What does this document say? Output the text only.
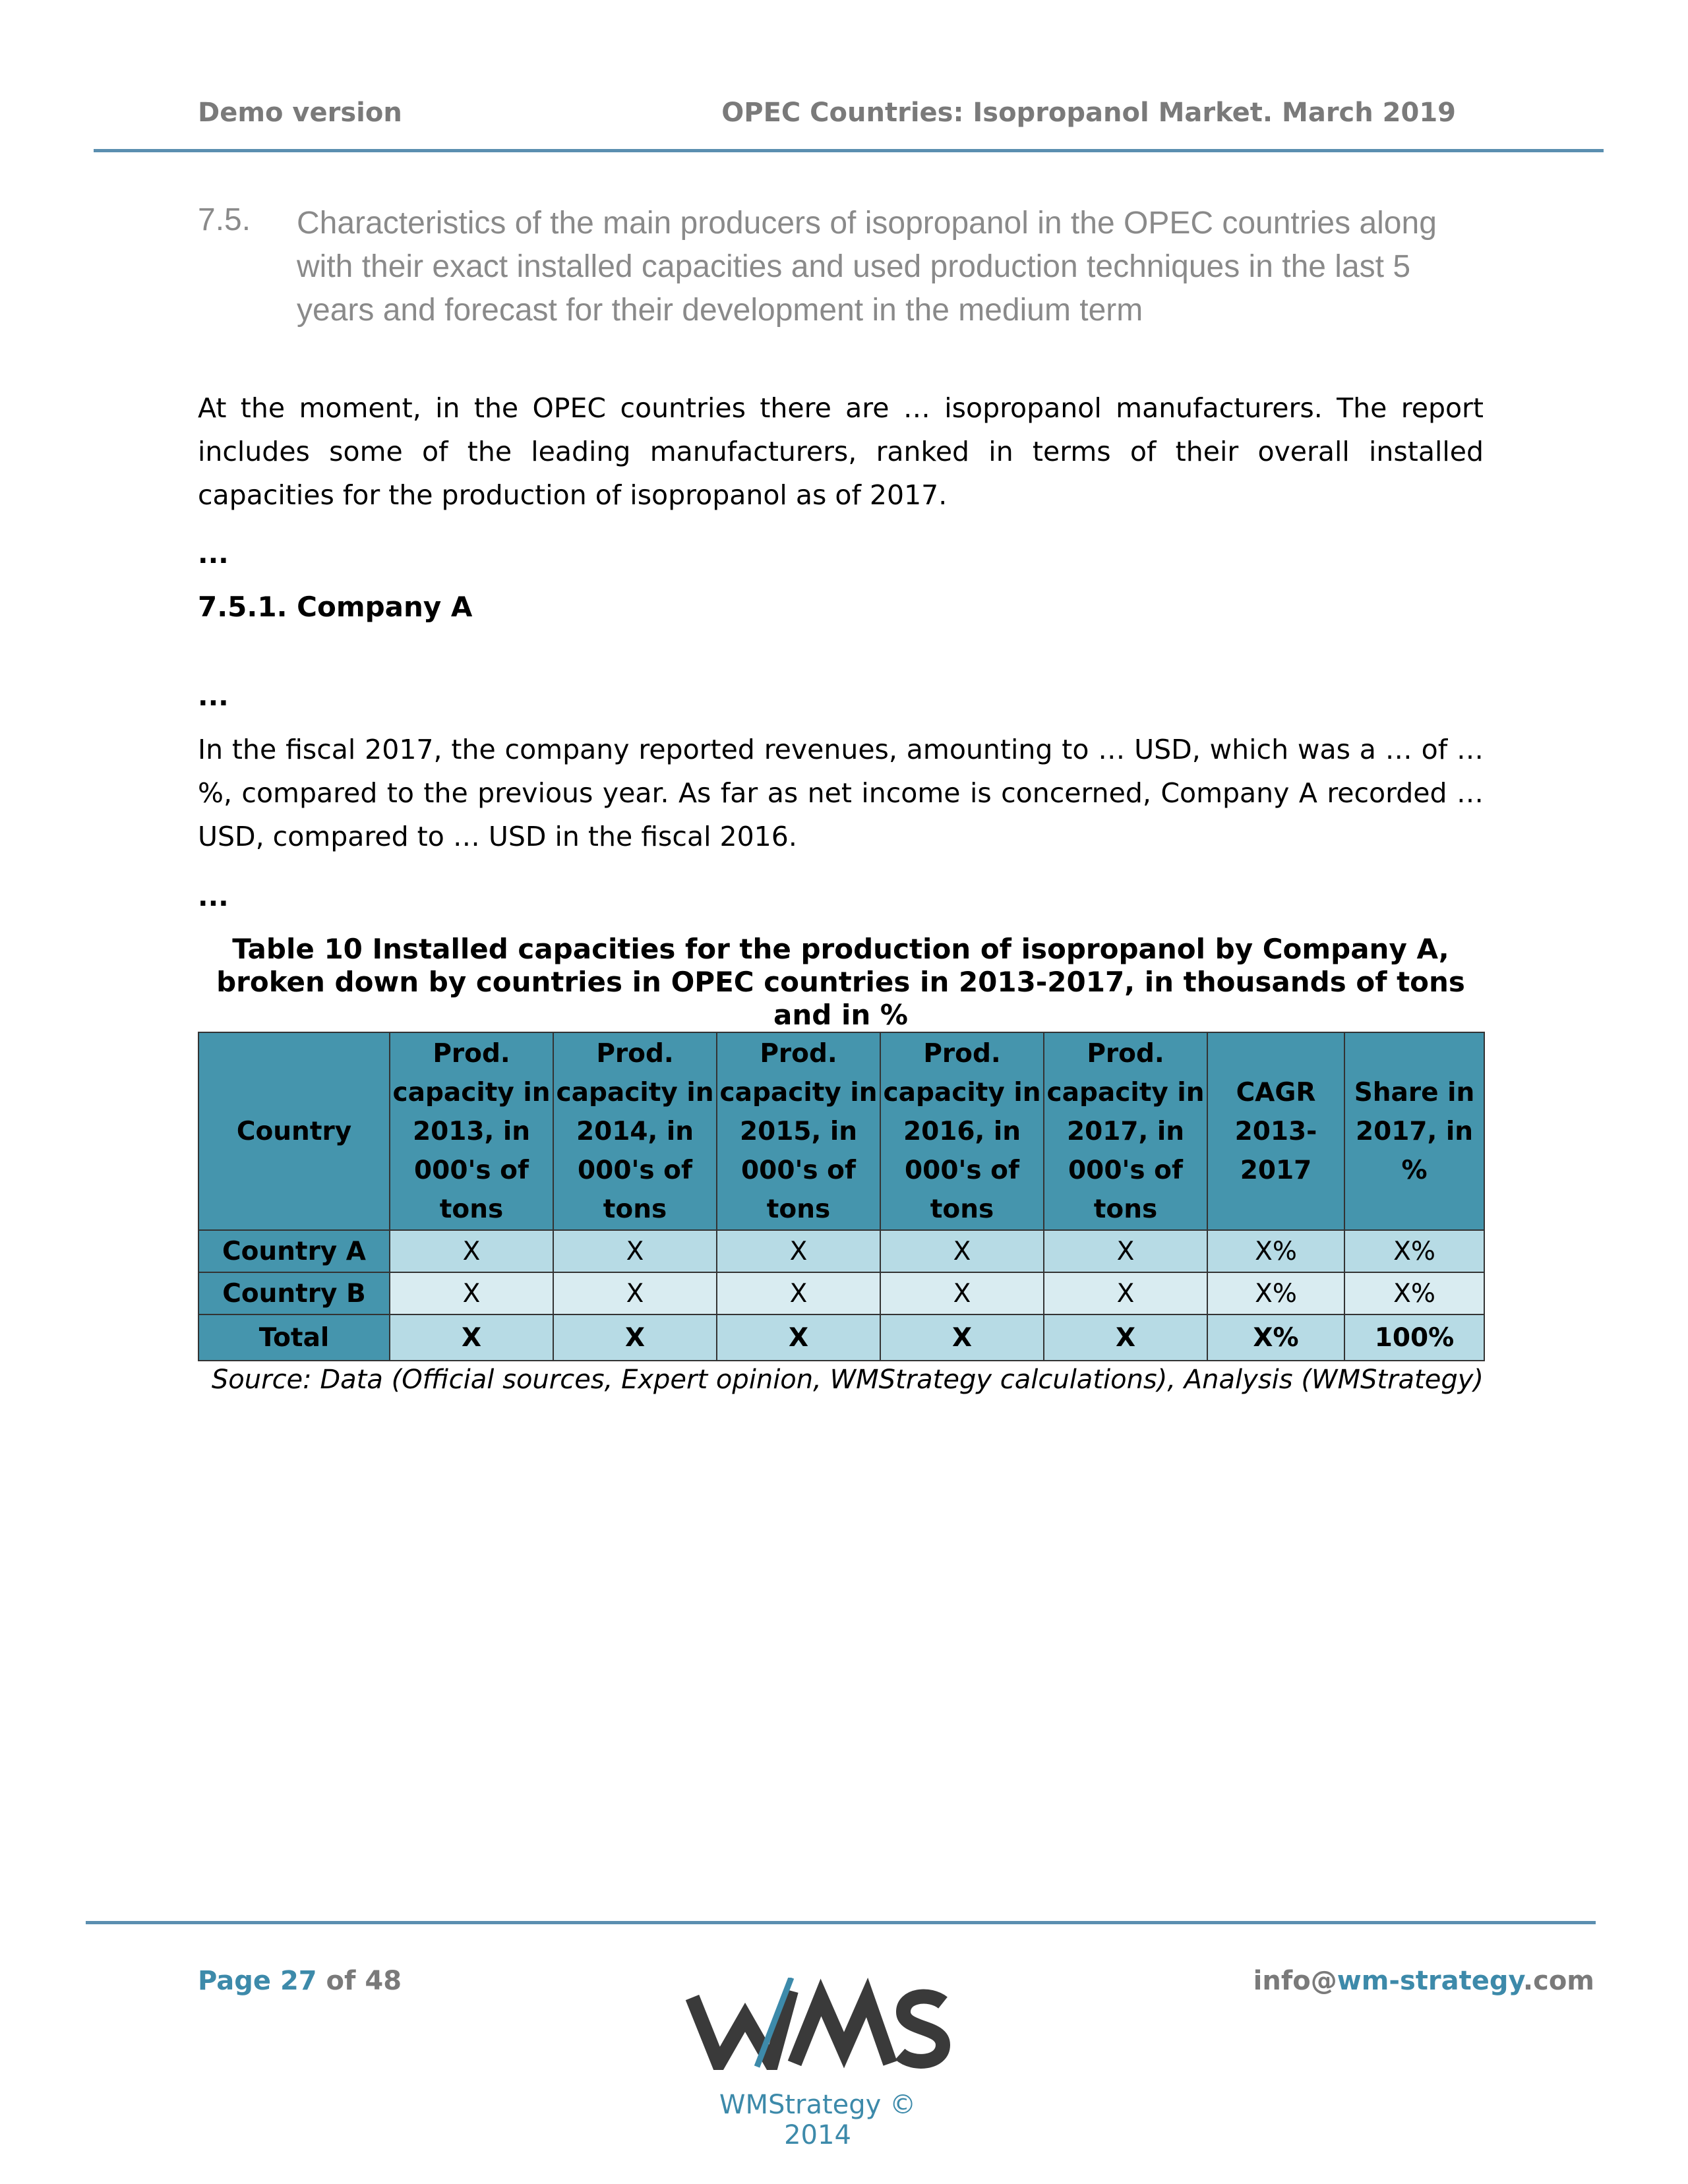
Demo version	OPEC Countries: Isopropanol Market. March 2019
7.5. Characteristics of the main producers of isopropanol in the OPEC countries along with their exact installed capacities and used production techniques in the last 5 years and forecast for their development in the medium term
At the moment, in the OPEC countries there are … isopropanol manufacturers. The report includes some of the leading manufacturers, ranked in terms of their overall installed capacities for the production of isopropanol as of 2017.
...
7.5.1. Company A
...
In the fiscal 2017, the company reported revenues, amounting to … USD, which was a … of …%, compared to the previous year. As far as net income is concerned, Company A recorded … USD, compared to … USD in the fiscal 2016.
...
Table 10 Installed capacities for the production of isopropanol by Company A, broken down by countries in OPEC countries in 2013-2017, in thousands of tons and in %
Country	Prod. capacity in 2013, in 000's of tons	Prod. capacity in 2014, in 000's of tons	Prod. capacity in 2015, in 000's of tons	Prod. capacity in 2016, in 000's of tons	Prod. capacity in 2017, in 000's of tons	CAGR 2013-2017	Share in 2017, in %
Country A	X	X	X	X	X	X%	X%
Country B	X	X	X	X	X	X%	X%
Total	X	X	X	X	X	X%	100%
Source: Data (Official sources, Expert opinion, WMStrategy calculations), Analysis (WMStrategy)
Page 27 of 48	info@wm-strategy.com
WMStrategy © 2014
